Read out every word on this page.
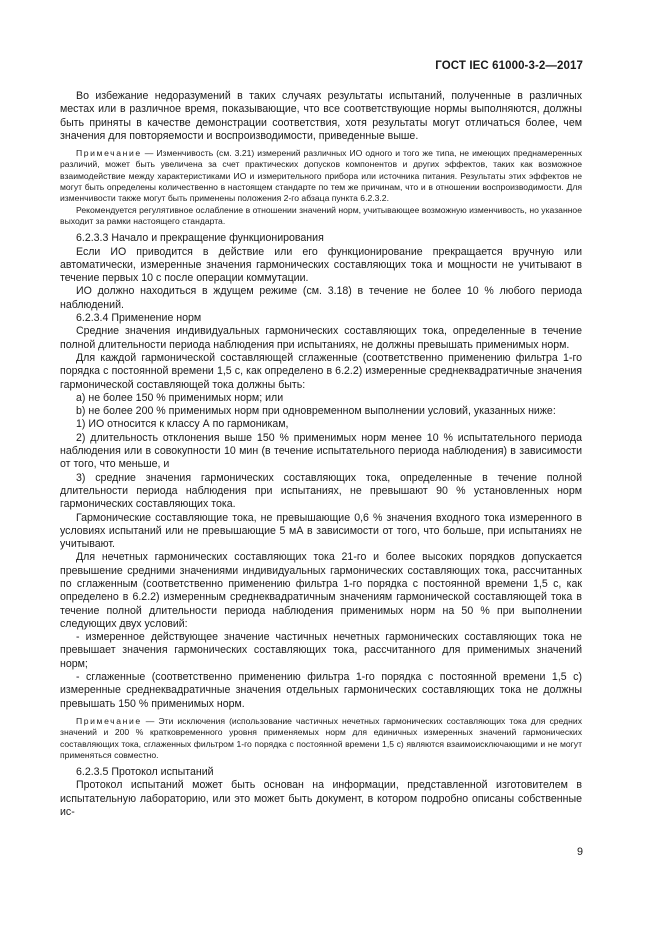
ГОСТ IEC 61000-3-2—2017

Во избежание недоразумений в таких случаях результаты испытаний, полученные в различных местах или в различное время, показывающие, что все соответствующие нормы выполняются, должны быть приняты в качестве демонстрации соответствия, хотя результаты могут отличаться более, чем значения для повторяемости и воспроизводимости, приведенные выше.

Примечание — Изменчивость (см. 3.21) измерений различных ИО одного и того же типа, не имеющих преднамеренных различий, может быть увеличена за счет практических допусков компонентов и других эффектов, таких как возможное взаимодействие между характеристиками ИО и измерительного прибора или источника питания. Результаты этих эффектов не могут быть определены количественно в настоящем стандарте по тем же причинам, что и в отношении воспроизводимости. Для изменчивости также могут быть применены положения 2-го абзаца пункта 6.2.3.2.

Рекомендуется регулятивное ослабление в отношении значений норм, учитывающее возможную изменчивость, но указанное выходит за рамки настоящего стандарта.

6.2.3.3 Начало и прекращение функционирования

Если ИО приводится в действие или его функционирование прекращается вручную или автоматически, измеренные значения гармонических составляющих тока и мощности не учитывают в течение первых 10 с после операции коммутации.

ИО должно находиться в ждущем режиме (см. 3.18) в течение не более 10 % любого периода наблюдений.

6.2.3.4 Применение норм

Средние значения индивидуальных гармонических составляющих тока, определенные в течение полной длительности периода наблюдения при испытаниях, не должны превышать применимых норм.

Для каждой гармонической составляющей сглаженные (соответственно применению фильтра 1-го порядка с постоянной времени 1,5 с, как определено в 6.2.2) измеренные среднеквадратичные значения гармонической составляющей тока должны быть:

a) не более 150 % применимых норм; или

b) не более 200 % применимых норм при одновременном выполнении условий, указанных ниже:

1) ИО относится к классу А по гармоникам,

2) длительность отклонения выше 150 % применимых норм менее 10 % испытательного периода наблюдения или в совокупности 10 мин (в течение испытательного периода наблюдения) в зависимости от того, что меньше, и

3) средние значения гармонических составляющих тока, определенные в течение полной длительности периода наблюдения при испытаниях, не превышают 90 % установленных норм гармонических составляющих тока.

Гармонические составляющие тока, не превышающие 0,6 % значения входного тока измеренного в условиях испытаний или не превышающие 5 мА в зависимости от того, что больше, при испытаниях не учитывают.

Для нечетных гармонических составляющих тока 21-го и более высоких порядков допускается превышение средними значениями индивидуальных гармонических составляющих тока, рассчитанных по сглаженным (соответственно применению фильтра 1-го порядка с постоянной времени 1,5 с, как определено в 6.2.2) измеренным среднеквадратичным значениям гармонической составляющей тока в течение полной длительности периода наблюдения применимых норм на 50 % при выполнении следующих двух условий:

- измеренное действующее значение частичных нечетных гармонических составляющих тока не превышает значения гармонических составляющих тока, рассчитанного для применимых значений норм;

- сглаженные (соответственно применению фильтра 1-го порядка с постоянной времени 1,5 с) измеренные среднеквадратичные значения отдельных гармонических составляющих тока не должны превышать 150 % применимых норм.

Примечание — Эти исключения (использование частичных нечетных гармонических составляющих тока для средних значений и 200 % кратковременного уровня применяемых норм для единичных измеренных значений гармонических составляющих тока, сглаженных фильтром 1-го порядка с постоянной времени 1,5 с) являются взаимоисключающими и не могут применяться совместно.

6.2.3.5 Протокол испытаний

Протокол испытаний может быть основан на информации, представленной изготовителем в испытательную лабораторию, или это может быть документ, в котором подробно описаны собственные ис-

9
